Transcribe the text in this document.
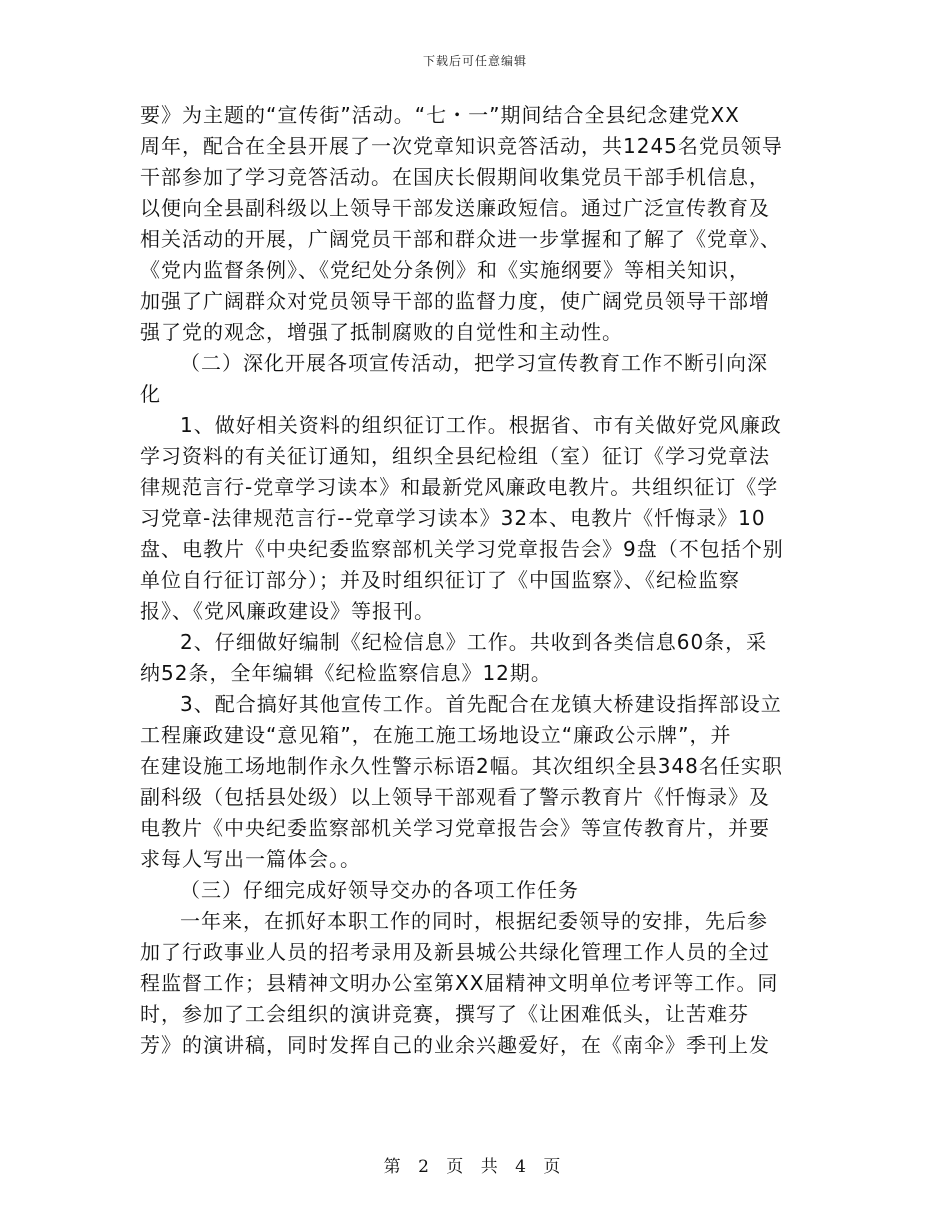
下载后可任意编辑
要》为主题的“宣传街”活动。“七・一”期间结合全县纪念建党XX
周年，配合在全县开展了一次党章知识竞答活动，共1245名党员领导
干部参加了学习竞答活动。在国庆长假期间收集党员干部手机信息，
以便向全县副科级以上领导干部发送廉政短信。通过广泛宣传教育及
相关活动的开展，广阔党员干部和群众进一步掌握和了解了《党章》、
《党内监督条例》、《党纪处分条例》和《实施纲要》等相关知识，
加强了广阔群众对党员领导干部的监督力度，使广阔党员领导干部增
强了党的观念，增强了抵制腐败的自觉性和主动性。
（二）深化开展各项宣传活动，把学习宣传教育工作不断引向深
化
1、做好相关资料的组织征订工作。根据省、市有关做好党风廉政
学习资料的有关征订通知，组织全县纪检组（室）征订《学习党章法
律规范言行-党章学习读本》和最新党风廉政电教片。共组织征订《学
习党章-法律规范言行--党章学习读本》32本、电教片《忏悔录》10
盘、电教片《中央纪委监察部机关学习党章报告会》9盘（不包括个别
单位自行征订部分）；并及时组织征订了《中国监察》、《纪检监察
报》、《党风廉政建设》等报刊。
2、仔细做好编制《纪检信息》工作。共收到各类信息60条，采
纳52条，全年编辑《纪检监察信息》12期。
3、配合搞好其他宣传工作。首先配合在龙镇大桥建设指挥部设立
工程廉政建设“意见箱”，在施工施工场地设立“廉政公示牌”，并
在建设施工场地制作永久性警示标语2幅。其次组织全县348名任实职
副科级（包括县处级）以上领导干部观看了警示教育片《忏悔录》及
电教片《中央纪委监察部机关学习党章报告会》等宣传教育片，并要
求每人写出一篇体会。。
（三）仔细完成好领导交办的各项工作任务
一年来，在抓好本职工作的同时，根据纪委领导的安排，先后参
加了行政事业人员的招考录用及新县城公共绿化管理工作人员的全过
程监督工作；县精神文明办公室第XX届精神文明单位考评等工作。同
时，参加了工会组织的演讲竞赛，撰写了《让困难低头，让苦难芬
芳》的演讲稿，同时发挥自己的业余兴趣爱好，在《南伞》季刊上发
第 2 页 共 4 页
